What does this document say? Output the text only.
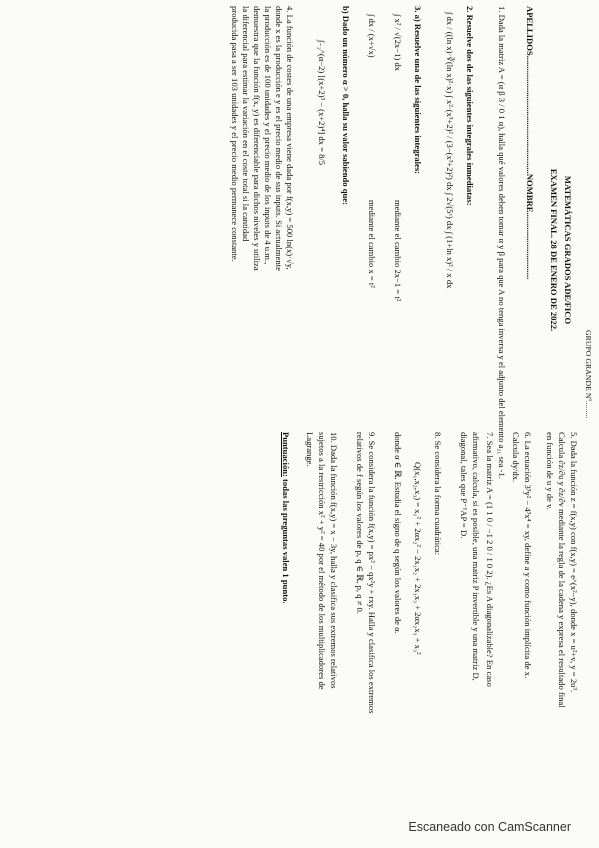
GRUPO GRANDE Nº.........
MATEMÁTICAS GRADOS ADE/FICO
EXAMEN FINAL. 28 DE ENERO DE 2022.
APELLIDOS.......................................................NOMBRE...............................
1. Dada la matriz A = (α β 3 / 0 1 α), halla qué valores deben tomar α y β para que A no tenga inversa y el adjunto del elemento a₂₁ sea -1.
2. Resuelve dos de las siguientes integrales inmediatas:
∫ dx / ((ln x)·∛(ln x)²·x) ∫ x²·(x³+2)² / (3−(x³+2)²) dx ∫ 2√(5ˣ) dx ∫ (1+ln x)² / x dx
3. a) Resuelve una de las siguientes integrales:
∫ x² / √(2x−1) dx
mediante el cambio 2x−1 = t²
∫ dx / (x+√x)
mediante el cambio x = t²
b) Dado un número α > 0, halla su valor sabiendo que:
∫₋₂^(α−2) [(x+2)³ − (x+2)⁴] dx = 8/5
4. La función de costes de una empresa viene dada por f(x,y) = 500 ln(x)·√y,
donde x es la producción e y es el precio medio de sus inputs. Si actualmente
la producción es de 100 unidades y el precio medio de los inputs de 4 u.m.,
demuestra que la función f(x, y) es diferenciable para dichos niveles y utiliza
la diferencial para estimar la variación en el coste total si la cantidad
producida pasa a ser 103 unidades y el precio medio permanece constante.
5. Dada la función z = f(x,y) con f(x,y) = e^(x²−y), donde x = u²+v, y = 2u³.
Calcula ∂z/∂u y ∂z/∂v mediante la regla de la cadena y expresa el resultado final
en función de u y de v.
6. La ecuación 3³y² − 4³x⁴ = xy, define a y como función implícita de x.
Calcula dy/dx.
7. Sea la matriz A = (1 1 0 / −1 2 0 / 1 0 2). ¿Es A diagonalizable? En caso
afirmativo, calcula, si es posible, una matriz P invertible y una matriz D,
diagonal, tales que P⁻¹AP = D.
8. Se considera la forma cuadrática:
Q(x₁,x₂,x₃) = x₁² + 2αx₂² − 2x₁x₂ + 2x₁x₃ + 2αx₂x₃ + x₃²
donde α ∈ ℝ. Estudia el signo de q según los valores de α.
9. Se considera la función f(x,y) = px² − qx²y + rxy. Halla y clasifica los extremos
relativos de f según los valores de p, q ∈ ℝ, p, q ≠ 0.
10. Dada la función f(x,y) = x − 3y, halla y clasifica sus extremos relativos
sujetos a la restricción x² + y² = 40 por el método de los multiplicadores de
Lagrange.
Puntuación: todas las preguntas valen 1 punto.
Escaneado con CamScanner
